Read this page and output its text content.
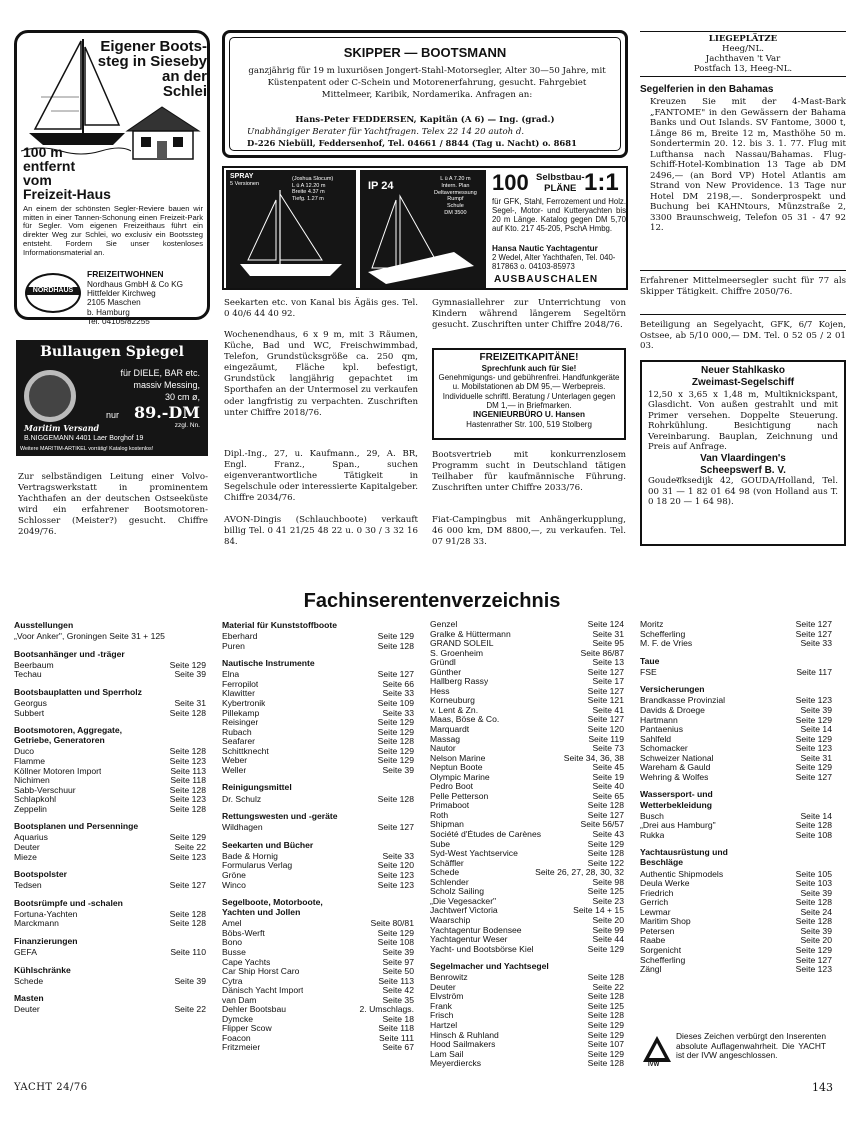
Eigener Boots-
steg in Sieseby
an der
Schlei
100 m
entfernt
vom
Freizeit-Haus
An einem der schönsten Segler-Reviere bauen wir mitten in einer Tannen-Schonung einen Freizeit-Park für Segler. Vom eigenen Freizeithaus führt ein direkter Weg zur Schlei, wo exclusiv ein Bootssteg entsteht. Fordern Sie unser kostenloses Informationsmaterial an.
NORDHAUS
FREIZEITWOHNEN
Nordhaus GmbH & Co KG
Hittfelder Kirchweg
2105 Maschen
b. Hamburg
Tel. 04105/82255
SKIPPER — BOOTSMANN
ganzjährig für 19 m luxuriösen Jongert-Stahl-Motorsegler, Alter 30—50 Jahre, mit Küstenpatent oder C-Schein und Motorenerfahrung, gesucht. Fahrgebiet Mittelmeer, Karibik, Nordamerika. Anfragen an:
Hans-Peter FEDDERSEN, Kapitän (A 6) — Ing. (grad.)
Unabhängiger Berater für Yachtfragen. Telex 22 14 20 autoh d.
D-226 Niebüll, Feddersenhof, Tel. 04661 / 8844 (Tag u. Nacht) o. 8681
LIEGEPLÄTZE
Heeg/NL.
Jachthaven 't Var
Postfach 13, Heeg-NL.
Segelferien in den Bahamas
Kreuzen Sie mit der 4-Mast-Bark „FANTOME" in den Gewässern der Bahama Banks und Out Islands. SV Fantome, 3000 t, Länge 86 m, Breite 12 m, Masthöhe 50 m. Sondertermin 20. 12. bis 3. 1. 77. Flug mit Lufthansa nach Nassau/Bahamas. Flug-Schiff-Hotel-Kombination 13 Tage ab DM 2496,— (an Bord VP) Hotel Atlantis am Strand von New Providence. 13 Tage nur Hotel DM 2198,—. Sonderprospekt und Buchung bei KAHNtours, Münzstraße 2, 3300 Braunschweig, Telefon 05 31 - 47 92 12.
SPRAY
5 Versionen
(Joshua Slocum)
L ü A 12.20 m
Breite 4.37 m
Tiefg. 1.27 m
IP 24
L ü A 7.20 m
Intern. Plan
Deltavermessung
Rumpf
Schule
DM 3500
100 Selbstbau-
PLÄNE 1:1
für GFK, Stahl, Ferrozement und Holz. Segel-, Motor- und Kutteryachten bis 20 m Länge. Katalog gegen DM 5,70 auf Kto. 217 45-205, PschA Hmbg.
Hansa Nautic Yachtagentur
2 Wedel, Alter Yachthafen, Tel. 040-817863 o. 04103-85973
AUSBAUSCHALEN
Seekarten etc. von Kanal bis Ägäis ges. Tel. 0 40/6 44 40 92.
Wochenendhaus, 6 x 9 m, mit 3 Räumen, Küche, Bad und WC, Freischwimmbad, Telefon, Grundstücksgröße ca. 250 qm, eingezäumt, Fläche kpl. befestigt, Grundstück langjährig gepachtet im Sporthafen an der Untermosel zu verkaufen oder langfristig zu verpachten. Zuschriften unter Chiffre 2018/76.
Dipl.-Ing., 27, u. Kaufmann., 29, A. BR, Engl. Franz., Span., suchen eigenverantwortliche Tätigkeit in Segelschule oder interessierte Kapitalgeber. Chiffre 2034/76.
AVON-Dingis (Schlauchboote) verkauft billig Tel. 0 41 21/25 48 22 u. 0 30 / 3 32 16 84.
Gymnasiallehrer zur Unterrichtung von Kindern während längerem Segeltörn gesucht. Zuschriften unter Chiffre 2048/76.
FREIZEITKAPITÄNE!
Sprechfunk auch für Sie!
Genehmigungs- und gebührenfrei. Handfunkgeräte u. Mobilstationen ab DM 95,— Werbepreis. Individuelle schriftl. Beratung / Unterlagen gegen DM 1,— in Briefmarken.
INGENIEURBÜRO U. Hansen
Hastenrather Str. 100, 519 Stolberg
Bootsvertrieb mit konkurrenzlosem Programm sucht in Deutschland tätigen Teilhaber für kaufmännische Führung. Zuschriften unter Chiffre 2033/76.
Fiat-Campingbus mit Anhängerkupplung, 46 000 km, DM 8800,—, zu verkaufen. Tel. 07 91/28 33.
Bullaugen Spiegel
für DIELE, BAR etc.
massiv Messing,
30 cm ø,
nur 89.-DM
zzgl. Nn.
Maritim Versand
B.NIGGEMANN 4401 Laer Borghof 19
Weitere MARITIM-ARTIKEL vorrätig! Katalog kostenlos!
Zur selbständigen Leitung einer Volvo-Vertragswerkstatt in prominentem Yachthafen an der deutschen Ostseeküste wird ein erfahrener Bootsmotoren-Schlosser (Meister?) gesucht. Chiffre 2049/76.
Erfahrener Mittelmeersegler sucht für 77 als Skipper Tätigkeit. Chiffre 2050/76.
Beteiligung an Segelyacht, GFK, 6/7 Kojen, Ostsee, ab 5/10 000,— DM. Tel. 0 52 05 / 2 01 03.
Neuer Stahlkasko
Zweimast-Segelschiff
12,50 x 3,65 x 1,48 m, Multiknickspant, Glasdicht. Von außen gestrahlt und mit Primer versehen. Doppelte Steuerung. Rohrkühlung. Besichtigung nach Vereinbarung. Bauplan, Zeichnung und Preis auf Anfrage.
Van Vlaardingen's
Scheepswerf B. V.
Goudeराksedijk 42, GOUDA/Holland, Tel. 00 31 — 1 82 01 64 98 (von Holland aus T. 0 18 20 — 1 64 98).
Fachinserentenverzeichnis
Ausstellungen
„Voor Anker", Groningen Seite 31 + 125
Bootsanhänger und -träger
Beerbaum	Seite 129
Techau	Seite 39
Bootsbauplatten und Sperrholz
Georgus	Seite 31
Subbert	Seite 128
Bootsmotoren, Aggregate,
Getriebe, Generatoren
Duco	Seite 128
Flamme	Seite 123
Köllner Motoren Import	Seite 113
Nichimen	Seite 118
Sabb-Verschuur	Seite 128
Schlapkohl	Seite 123
Zeppelin	Seite 128
Bootsplanen und Persenninge
Aquarius	Seite 129
Deuter	Seite 22
Mieze	Seite 123
Bootspolster
Tedsen	Seite 127
Bootsrümpfe und -schalen
Fortuna-Yachten	Seite 128
Marckmann	Seite 128
Finanzierungen
GEFA	Seite 110
Kühlschränke
Schede	Seite 39
Masten
Deuter	Seite 22
Material für Kunststoffboote
Eberhard	Seite 129
Puren	Seite 128
Nautische Instrumente
Elna	Seite 127
Ferropilot	Seite 66
Klawitter	Seite 33
Kybertronik	Seite 109
Pillekamp	Seite 33
Reisinger	Seite 129
Rubach	Seite 129
Seafarer	Seite 128
Schittknecht	Seite 129
Weber	Seite 129
Weller	Seite 39
Reinigungsmittel
Dr. Schulz	Seite 128
Rettungswesten und -geräte
Wildhagen	Seite 127
Seekarten und Bücher
Bade & Hornig	Seite 33
Formularus Verlag	Seite 120
Gröne	Seite 123
Winco	Seite 123
Segelboote, Motorboote,
Yachten und Jollen
Amel	Seite 80/81
Böbs-Werft	Seite 129
Bono	Seite 108
Busse	Seite 39
Cape Yachts	Seite 97
Car Ship Horst Caro	Seite 50
Cytra	Seite 113
Dänisch Yacht Import	Seite 42
van Dam	Seite 35
Dehler Bootsbau	2. Umschlags.
Dymcke	Seite 18
Flipper Scow	Seite 118
Foacon	Seite 111
Fritzmeier	Seite 67
Genzel	Seite 124
Gralke & Hüttermann	Seite 31
GRAND SOLEIL	Seite 95
S. Groenheim	Seite 86/87
Gründl	Seite 13
Günther	Seite 127
Hallberg Rassy	Seite 17
Hess	Seite 127
Korneuburg	Seite 121
v. Lent & Zn.	Seite 41
Maas, Böse & Co.	Seite 127
Marquardt	Seite 120
Massag	Seite 119
Nautor	Seite 73
Nelson Marine	Seite 34, 36, 38
Neptun Boote	Seite 45
Olympic Marine	Seite 19
Pedro Boot	Seite 40
Pelle Petterson	Seite 65
Primaboot	Seite 128
Roth	Seite 127
Shipman	Seite 56/57
Société d'Études de Carènes	Seite 43
Sube	Seite 129
Syd-West Yachtservice	Seite 128
Schäffler	Seite 122
Schede	Seite 26, 27, 28, 30, 32
Schlender	Seite 98
Scholz Sailing	Seite 125
„Die Vegesacker"	Seite 23
Jachtwerf Victoria	Seite 14 + 15
Waarschip	Seite 20
Yachtagentur Bodensee	Seite 99
Yachtagentur Weser	Seite 44
Yacht- und Bootsbörse Kiel	Seite 129
Segelmacher und Yachtsegel
Benrowitz	Seite 128
Deuter	Seite 22
Elvström	Seite 128
Frank	Seite 125
Frisch	Seite 128
Hartzel	Seite 129
Hinsch & Ruhland	Seite 129
Hood Sailmakers	Seite 107
Lam Sail	Seite 129
Meyerdiercks	Seite 128
Moritz	Seite 127
Schefferling	Seite 127
M. F. de Vries	Seite 33
Taue
FSE	Seite 117
Versicherungen
Brandkasse Provinzial	Seite 123
Davids & Droege	Seite 39
Hartmann	Seite 129
Pantaenius	Seite 14
Sahlfeld	Seite 129
Schomacker	Seite 123
Schweizer National	Seite 31
Wareham & Gauld	Seite 129
Wehring & Wolfes	Seite 127
Wassersport- und
Wetterbekleidung
Busch	Seite 14
„Drei aus Hamburg"	Seite 128
Rukka	Seite 108
Yachtausrüstung und
Beschläge
Authentic Shipmodels	Seite 105
Deula Werke	Seite 103
Friedrich	Seite 39
Gerrich	Seite 128
Lewmar	Seite 24
Maritim Shop	Seite 128
Petersen	Seite 39
Raabe	Seite 20
Sorgenicht	Seite 129
Schefferling	Seite 127
Zängl	Seite 123
IVW
Dieses Zeichen verbürgt den Inserenten absolute Auflagenwahrheit. Die YACHT ist der IVW angeschlossen.
YACHT 24/76	143
